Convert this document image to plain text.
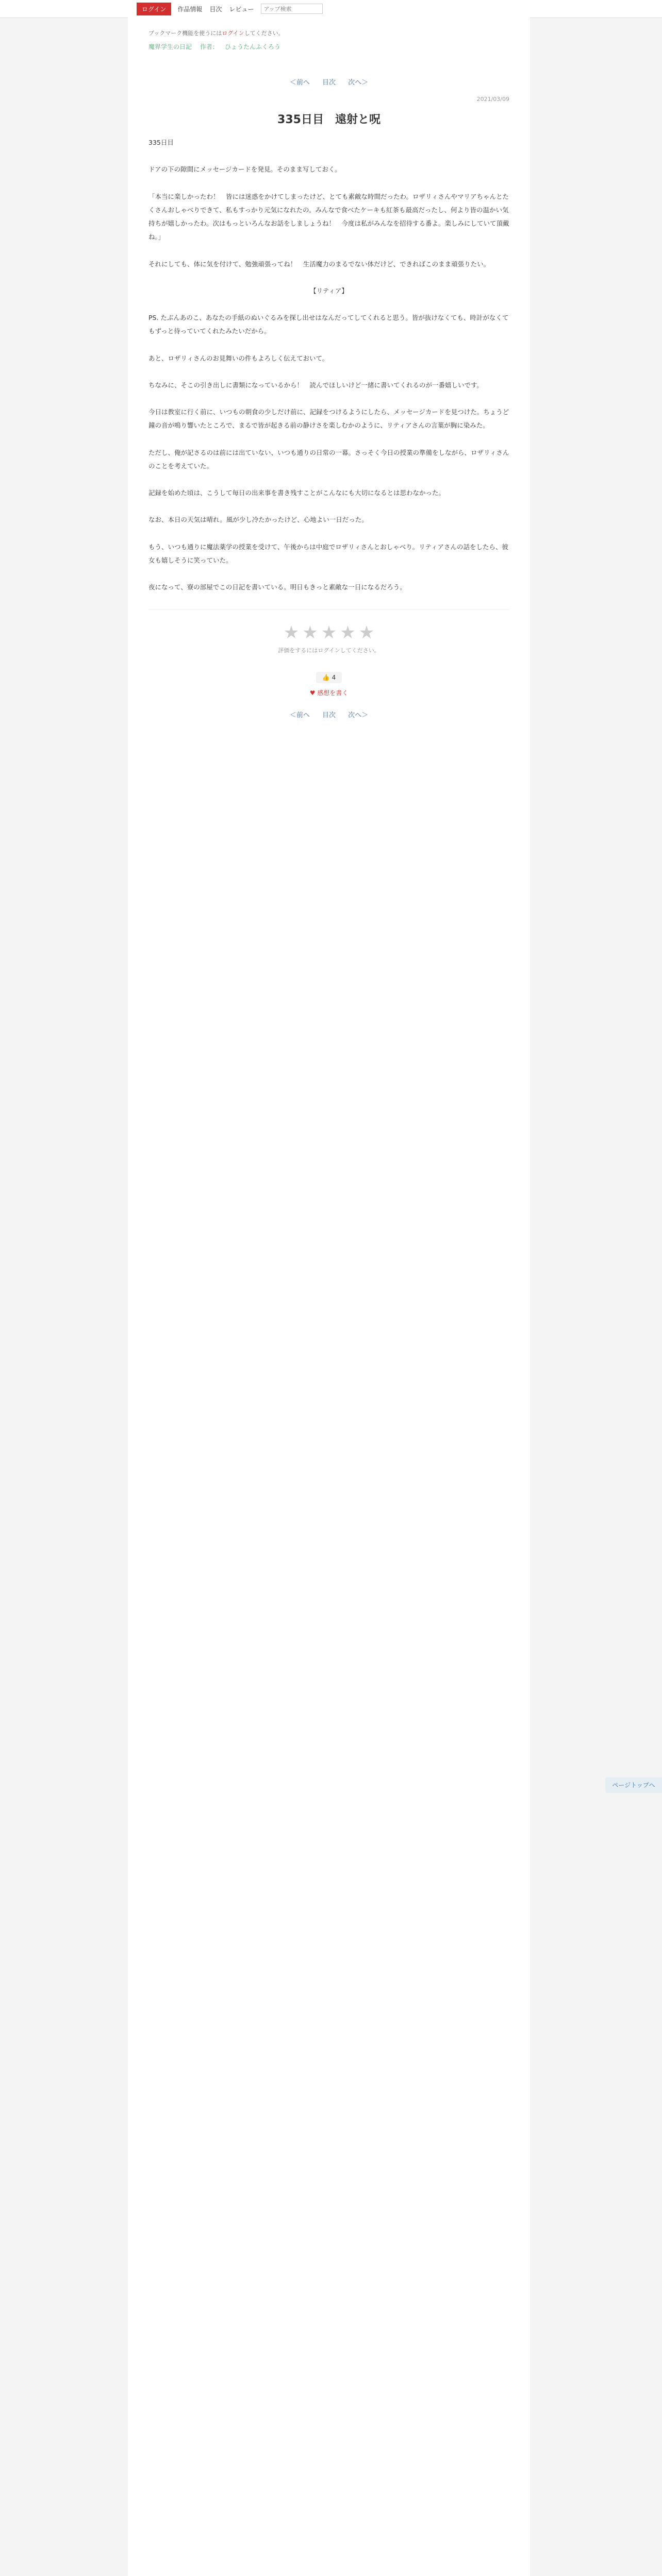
ログイン	作品情報 目次 レビュー
アップ検索
ブックマーク機能を使うにはログインしてください。
魔界学生の日記 作者： ひょうたんふくろう
＜前へ 目次 次へ＞
2021/03/09
335日目　遠射と呪

335日目

ドアの下の隙間にメッセージカードを発見。そのまま写しておく。

「本当に楽しかったわ！　皆には迷惑をかけてしまったけど、とても素敵な時間だったわ。ロザリィさんやマリアちゃんとたくさんおしゃべりできて、私もすっかり元気になれたの。みんなで食べたケーキも紅茶も最高だったし、何より皆の温かい気持ちが嬉しかったわ。次はもっといろんなお話をしましょうね！　今度は私がみんなを招待する番よ。楽しみにしていて頂戴ね。」

それにしても、体に気を付けて、勉強頑張ってね！　生活魔力のまるでない体だけど、できればこのまま頑張りたい。

【リティア】

PS. たぶんあのこ、あなたの手紙のぬいぐるみを探し出せはなんだってしてくれると思う。皆が抜けなくても、時計がなくてもずっと待っていてくれたみたいだから。

あと、ロザリィさんのお見舞いの件もよろしく伝えておいて。

ちなみに、そこの引き出しに書類になっているから！　読んでほしいけど一緒に書いてくれるのが一番嬉しいです。

今日は教室に行く前に、いつもの朝食の少しだけ前に、記録をつけるようにしたら、メッセージカードを見つけた。ちょうど鐘の音が鳴り響いたところで、まるで皆が起きる前の静けさを楽しむかのように、リティアさんの言葉が胸に染みた。

ただし、俺が記さるのは前には出ていない、いつも通りの日常の一幕。さっそく今日の授業の準備をしながら、ロザリィさんのことを考えていた。

記録を始めた頃は、こうして毎日の出来事を書き残すことがこんなにも大切になるとは思わなかった。

なお、本日の天気は晴れ。風が少し冷たかったけど、心地よい一日だった。

もう、いつも通りに魔法薬学の授業を受けて、午後からは中庭でロザリィさんとおしゃべり。リティアさんの話をしたら、彼女も嬉しそうに笑っていた。

夜になって、寮の部屋でこの日記を書いている。明日もきっと素敵な一日になるだろう。

★ ★ ★ ★ ★
評価をするにはログインしてください。
👍 4
♥ 感想を書く
＜前へ 目次 次へ＞
ページトップへ
